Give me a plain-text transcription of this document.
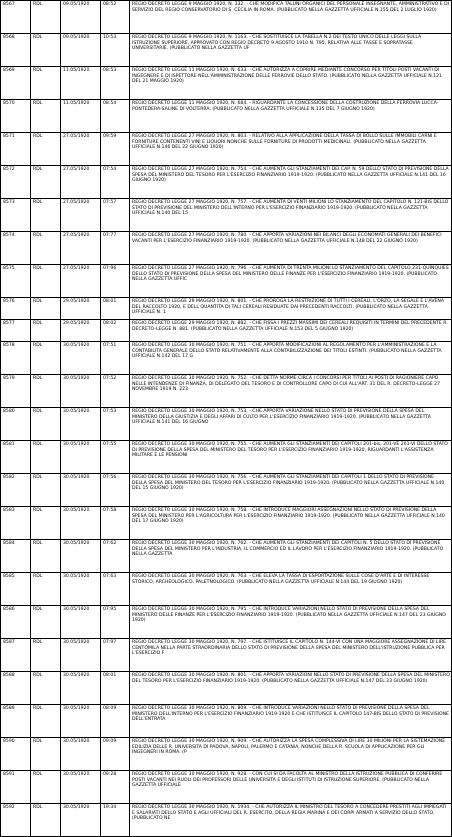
8567	RDL	09.05/1920	08:52	REGIO DECRETO LEGGE 9 MAGGIO 1920, N. 332. - CHE MODIFICA TALUNI ORGANICI DEL PERSONALE INSEGNANTE, AMMINISTRATIVO E DI SERVIZIO DEL REGIO CONSERVATORIO DI S. CECILIA IN ROMA. (PUBBLICATO NELLA GAZZETTA UFFICIALE N.155 DEL 2 LUGLIO 1920)

8568	RDL	09.05/1920	10:53	REGIO DECRETO LEGGE 9 MAGGIO 1920, N. 1163. - CHE SOSTITUISCE LA TABELLA N.2 DEI TESTO UNICO DELLE LEGGI SULLA ISTRUZIONE SUPERIORE, APPROVATO CON REGIO DECRETO 9 AGOSTO 1910 N. 795, RELATIVA ALLE TASSE E SOPRATASSE UNIVERSITARIE. (PUBBLICATO NELLA GAZZETTA UF

8569	RDL	11.05/1920	08:53	REGIO DECRETO LEGGE 11 MAGGIO 1920, N. 633. - CHE AUTORIZZA A COPRIRE MEDIANTE CONCORSO PER TITOLI POSTI VACANTI DI INGEGNERE E DI ISPETTORE NELL'AMMINISTRAZIONE DELLE FERROVIE DELLO STATO. (PUBBLICATO NELLA GAZZETTA UFFICIALE N.121 DEL 21 MAGGIO 1920)

8570	RDL	11.05/1920	08:54	REGIO DECRETO LEGGE 11 MAGGIO 1920, N. 684. - RIGUARDANTE LA CONCESSIONE DELLA COSTRUZIONE DELLA FERROVIA LUCCA-PONTEDERA-SALINE DI VOLTERRA. (PUBBLICATO NELLA GAZZETTA UFFICIALE N.135 DEL 7 GIUGNO 1920)

8571	RDL	27.05/1920	09:59	REGIO DECRETO LEGGE 27 MAGGIO 1920, N. 803. - RELATIVO ALLA APPLICAZIONE DELLA TASSA DI BOLLO SULLE IMMOBILI CARNI E FORNITURE CONTENENTI VINI E LIQUORI NONCHE SULLE FORNITURE DI PRODOTTI MEDICINALI. (PUBBLICATO NELLA GAZZETTA UFFICIALE N.146 DEL 22 GIUGNO 1920)

8572	RDL	27.05/1920	07:54	REGIO DECRETO LEGGE 27 MAGGIO 1920, N. 754. - CHE AUMENTA GLI STANZIAMENTI DEI CAP. N. 59 DELLO STATO DI PREVISIONE DELLA SPESA DEL MINISTERO DEL TESORO PER L'ESERCIZIO FINANZIARIO 1919-1920. (PUBBLICATO NELLA GAZZETTA UFFICIALE N.141 DEL 16 GIUGNO 1920)

8573	RDL	27.05/1920	07:57	REGIO DECRETO LEGGE 27 MAGGIO 1920, N. 757. - CHE AUMENTA DI VENTI MILIONI LO STANZIAMENTO DEL CAPITOLO N. 121-BIS DELLO STATO DI PREVISIONE DEL MINISTERO DELL'INTERNO PER L'ESERCIZIO FINANZIARIO 1919-1920. (PUBBLICATO NELLA GAZZETTA UFFICIALE N.140 DEL 15

8574	RDL	27.05/1920	07:77	REGIO DECRETO LEGGE 27 MAGGIO 1920, N. 780. - CHE APPORTA VARIAZIONI NEI BILANCI DEGLI ECONOMATI GENERALI DEI BENEFICI VACANTI PER L'ESERCIZIO FINANZIARIO 1919-1920. (PUBBLICATO NELLA GAZZETTA UFFICIALE N.148 DEL 22 GIUGNO 1920)

8575	RDL	27.05/1920	07:96	REGIO DECRETO LEGGE 27 MAGGIO 1920, N. 796. - CHE AUMENTA DI TRENTA MILIONI LO STANZIAMENTO DEL CAPITOLO 231-QUINQUIES DELLO STATO DI PREVISIONE DELLA SPESA DEL MINISTERO DELLE FINANZE PER L'ESERCIZIO FINANZIARIO 1919-1920. (PUBBLICATO NELLA GAZZETTA UFFIC

8576	RDL	29.05/1920	08:01	REGIO DECRETO LEGGE 29 MAGGIO 1920, N. 801. - CHE PROROGA LA RESTRIZIONE DI TUTTI I CEREALI, L'ORZO, LA SEGALE E L'AVENA DEL RACCOLTO 1920, E DELL QUANTITA DI TALI CEREALI RESIDUATE DAI PRECEDENTI RACCOLTI. (PUBBLICATO NELLA GAZZETTA UFFICIALE N. 1

8577	RDL	29.05/1920	08:02	REGIO DECRETO LEGGE 29 MAGGIO 1920, N. 882. - CHE FISSA I PREZZI MASSIMI DEI CEREALI REQUISITI IN TERMINI DEL PRECEDENTE R. DECRETO-LEGGE N. 881. (PUBBLICATO NELLA GAZZETTA UFFICIALE N.153 DEL 5 GIUGNO 1920)

8578	RDL	30.05/1920	07:51	REGIO DECRETO LEGGE 30 MAGGIO 1920, N. 751. - CHE APPORTA MODIFICAZIONI AL REGOLAMENTO PER L'AMMINISTRAZIONE E LA CONTABILITA GENERALE DELLO STATO RELATIVAMENTE ALLA CONTABILIZZAZIONE DEI TITOLI ESTINTI. (PUBBLICATO NELLA GAZZETTA UFFICIALE N.142 DEL 17 G

8579	RDL	30.05/1920	07:52	REGIO DECRETO LEGGE 30 MAGGIO 1920, N. 752. - CHE DETTA NORME CIRCA I CONCORSI PER TITOLI AI POSTI DI RAGIONIERE CAPO NELLE INTENDENZE DI FINANZA, DI DELEGATO DEL TESORO E DI CONTROLLORE CAPO DI CUI ALL'ART. 31 DEL R. DECRETO-LEGGE 27 NOVEMBRE 1919 N. 223

8580	RDL	30.05/1920	07:53	REGIO DECRETO LEGGE 30 MAGGIO 1920, N. 753. - CHE APPORTA VARIAZIONE NELLO STATO DI PREVISIONE DELLA SPESA DEL MINISTERO DELLA GIUSTIZIA E DEGLI AFFARI DI CULTO PER L'ESERCIZIO FINANZIARIO 1919-1920. (PUBBLICATO NELLA GAZZETTA UFFICIALE N.141 DEL 16 GIUGNO

8581	RDL	30.05/1920	07:55	REGIO DECRETO LEGGE 30 MAGGIO 1920, N. 755. - CHE AUMENTA GLI STANZIAMENTI DEI CAPITOLI 201-bis, 201-VE 201-VI DELLO STATO DI PREVISIONE DELLA SPESA DEL MINISTERO DEL TESORO PER L'ESERCIZIO FINANZIARIO 1919-1920, RIGUARDANTI L'ASSISTENZA MILITARE E LE PENSIONI

8582	RDL	30.05/1920	07:56	REGIO DECRETO LEGGE 30 MAGGIO 1920, N. 756. - CHE AUMENTA GLI STANZIAMENTI DEI CAPITOLI 1 DELLO STATO DI PREVISIONE DELLA SPESA DEL MINISTERO DEL TESORO PER L'ESERCIZIO FINANZIARIO 1919-1920. (PUBBLICATO NELLA GAZZETTA UFFICIALE N.140 DEL 15 GIUGNO 1920)

8583	RDL	30.05/1920	07:58	REGIO DECRETO LEGGE 30 MAGGIO 1920, N. 758. - CHE INTRODUCE MAGGIORI ASSEGNAZIONI NELLO STATO DI PREVISIONE DELLA SPESA DEL MINISTERO PER L'AGRICOLTURA PER L'ESERCIZIO FINANZIARIO 1919-1920. (PUBBLICATO NELLA GAZZETTA UFFICIALE N.140 DEL 17 GIUGNO 1920)

8584	RDL	30.05/1920	07:62	REGIO DECRETO LEGGE 30 MAGGIO 1920, N. 762. - CHE AUMENTA GLI STANZIAMENTI DEI CAPITOLI N. 5 DELLO STATO DI PREVISIONE DELLA SPESA DEL MINISTERO PER L'INDUSTRIA, IL COMMERCIO ED IL LAVORO PER L'ESERCIZIO FINANZIARIO 1919-1920. (PUBBLICATO NELLA GAZZETTA

8585	RDL	30.05/1920	07:63	REGIO DECRETO LEGGE 30 MAGGIO 1920, N. 763. - CHE ELEVA LA TASSA DI ESPORTAZIONE SULLE COSE D'ARTE E DI INTERESSE STORICO, ARCHEOLOGICO, PALETNOLOGICO. (PUBBLICATO NELLA GAZZETTA UFFICIALE N.144 DEL 19 GIUGNO 1920)

8586	RDL	30.05/1920	07:95	REGIO DECRETO LEGGE 30 MAGGIO 1920, N. 795. - CHE INTRODUCE VARIAZIONI NELLO STATO DI PREVISIONE DELLA SPESA DEL MINISTERO DELLE FINANZE PER L'ESERCIZIO FINANZIARIO 1919-1920. (PUBBLICATO NELLA GAZZETTA UFFICIALE N.147 DEL 23 GIUGNO 1920)

8587	RDL	30.05/1920	07:97	REGIO DECRETO LEGGE 30 MAGGIO 1920, N. 797. - CHE ISTITUISCE IL CAPITOLO N. 144-VI CON UNA MAGGIORE ASSEGNAZIONE DI LIRE CENTOMILA NELLA PARTE STRAORDINARIA DELLO STATO DI PREVISIONE DELLA SPESA DEL MINISTERO DELL'ISTRUZIONE PUBBLICA PER L'ESERCIZIO F

8588	RDL	30.05/1920	08:01	REGIO DECRETO LEGGE 30 MAGGIO 1920, N. 801. - CHE APPORTA VARIAZIONI NELLO STATO DI PREVISIONE DELLA SPESA DEL MINISTERO DEL TESORO PER L'ESERCIZIO FINANZIARIO 1919-1920. (PUBBLICATO NELLA GAZZETTA UFFICIALE N.147 DEL 23 GIUGNO 1920)

8589	RDL	30.05/1920	08:09	REGIO DECRETO LEGGE 30 MAGGIO 1920, N. 809. - CHE INTRODUCE VARIAZIONI NELLO STATO DI PREVISIONE DELLA SPESA DEL MINISTERO DELL'INTERNO PER L'ESERCIZIO FINANZIARIO 1919-1920 E CHE ISTITUISCE IL CAPITOLO 147-BIS DELLO STATO DI PREVISIONE DELL'ENTRATA

8590	RDL	30.05/1920	09:09	REGIO DECRETO LEGGE 30 MAGGIO 1920, N. 909. - CHE AUTORIZZA LA SPESA COMPLESSIVA DI LIRE 30 MILIONI PER LA SISTEMAZIONE EDILIZIA DELLE R. UNIVERSITA DI PADOVA, NAPOLI, PALERMO E CATANIA, NONCHE DELLA R. SCUOLA DI APPLICAZIONE PER GLI INGEGNERI IN ROMA. (P

8591	RDL	30.05/1920	09:28	REGIO DECRETO LEGGE 30 MAGGIO 1920, N. 928. - CON CUI SI DA FACOLTA AL MINISTRO DELLA ISTRUZIONE PUBBLICA DI CONFERIRE POSTI VACANTI NEI RUOLI DEI PROFESSORI DELLE UNIVERSITA E DEGLI ISTITUTI DI ISTRUZIONE SUPERIORE. (PUBBLICATO NELLA GAZZETTA UFFICIALE

8592	RDL	30.05/1920	19:34	REGIO DECRETO LEGGE 30 MAGGIO 1920, N. 1934. - CHE AUTORIZZA IL MINISTRO DEL TESORO A CONCEDERE PRESTITI AGLI IMPIEGATI E SALARIATI DELLO STATO E AGLI UFFICIALI DEL R. ESERCITO, DELLA REGIA MARINA E DEI CORPI ARMATI A SERVIZIO DELLO STATO. (PUBBLICATO NE
